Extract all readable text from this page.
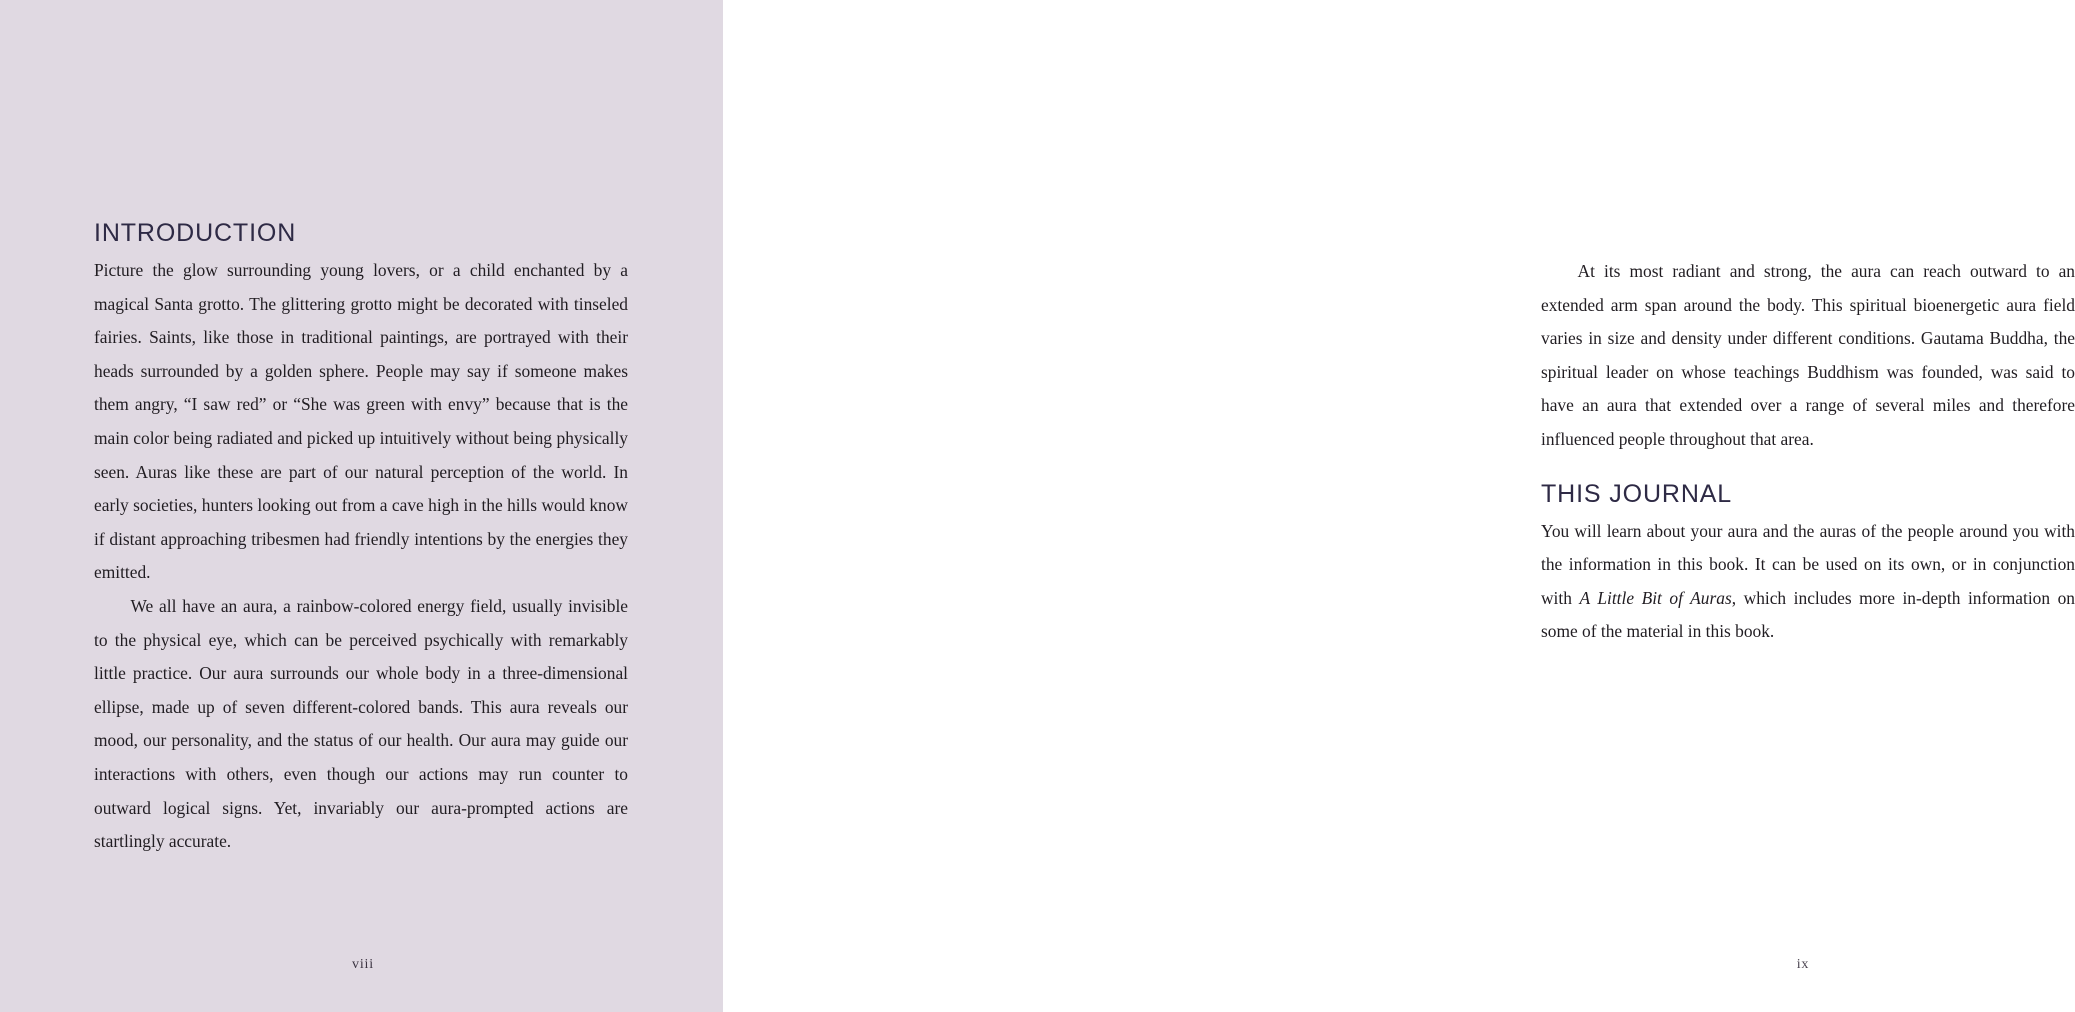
INTRODUCTION

Picture the glow surrounding young lovers, or a child enchanted by a magical Santa grotto. The glittering grotto might be decorated with tinseled fairies. Saints, like those in traditional paintings, are portrayed with their heads surrounded by a golden sphere. People may say if someone makes them angry, “I saw red” or “She was green with envy” because that is the main color being radiated and picked up intuitively without being physically seen. Auras like these are part of our natural perception of the world. In early societies, hunters looking out from a cave high in the hills would know if distant approaching tribesmen had friendly intentions by the energies they emitted.

We all have an aura, a rainbow-colored energy field, usually invisible to the physical eye, which can be perceived psychically with remarkably little practice. Our aura surrounds our whole body in a three-dimensional ellipse, made up of seven different-colored bands. This aura reveals our mood, our personality, and the status of our health. Our aura may guide our interactions with others, even though our actions may run counter to outward logical signs. Yet, invariably our aura-prompted actions are startlingly accurate.

viii

At its most radiant and strong, the aura can reach outward to an extended arm span around the body. This spiritual bioenergetic aura field varies in size and density under different conditions. Gautama Buddha, the spiritual leader on whose teachings Buddhism was founded, was said to have an aura that extended over a range of several miles and therefore influenced people throughout that area.

THIS JOURNAL

You will learn about your aura and the auras of the people around you with the information in this book. It can be used on its own, or in conjunction with A Little Bit of Auras, which includes more in-depth information on some of the material in this book.

ix
